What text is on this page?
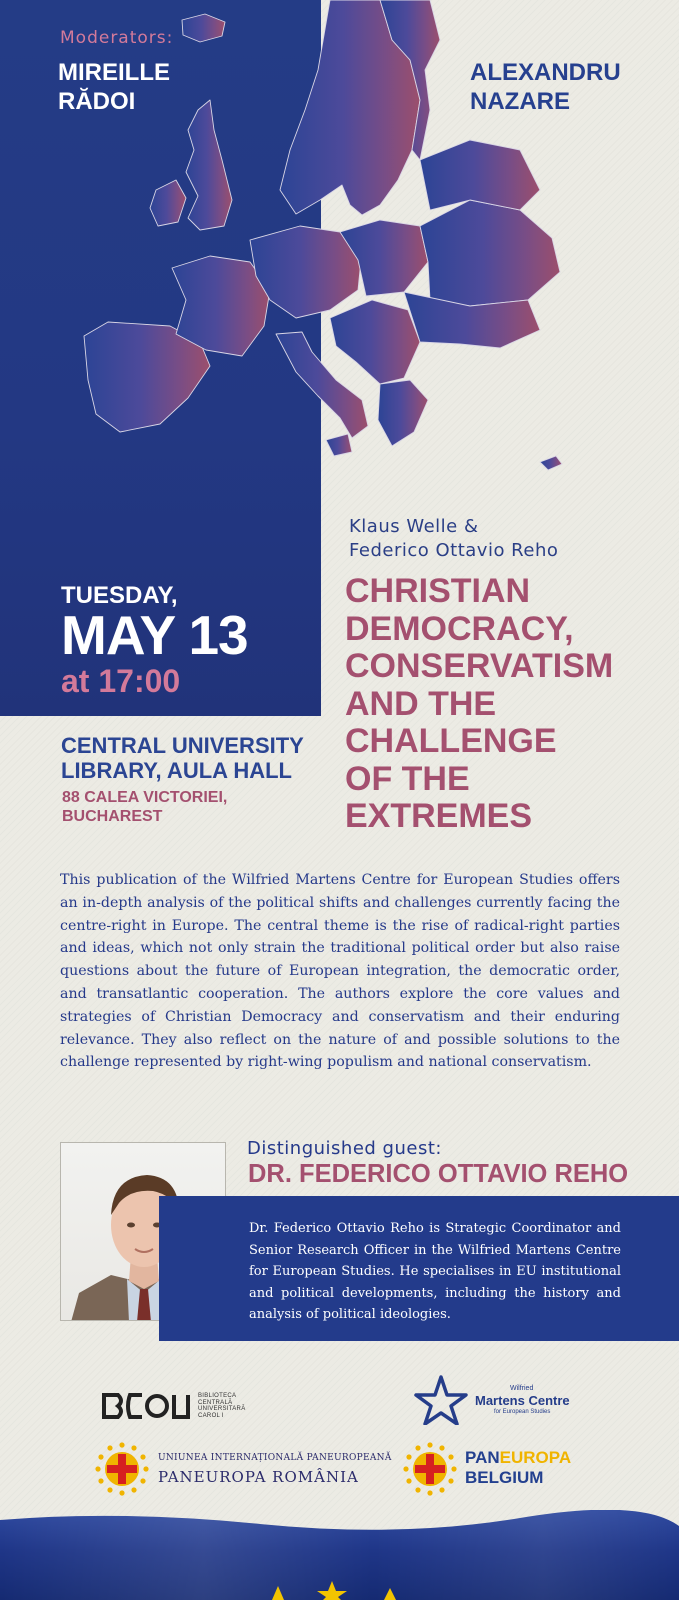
Moderators:
MIREILLE
RĂDOI
ALEXANDRU
NAZARE
Klaus Welle &
Federico Ottavio Reho
CHRISTIAN
DEMOCRACY,
CONSERVATISM
AND THE
CHALLENGE
OF THE
EXTREMES
TUESDAY,
MAY 13
at 17:00
CENTRAL UNIVERSITY
LIBRARY, AULA HALL
88 CALEA VICTORIEI,
BUCHAREST

This publication of the Wilfried Martens Centre for European Studies offers an in-depth analysis of the political shifts and challenges currently facing the centre-right in Europe. The central theme is the rise of radical-right parties and ideas, which not only strain the traditional political order but also raise questions about the future of European integration, the democratic order, and transatlantic cooperation. The authors explore the core values and strategies of Christian Democracy and conservatism and their enduring relevance. They also reflect on the nature of and possible solutions to the challenge represented by right-wing populism and national conservatism.

Distinguished guest:
DR. FEDERICO OTTAVIO REHO

Dr. Federico Ottavio Reho is Strategic Coordinator and Senior Research Officer in the Wilfried Martens Centre for European Studies. He specialises in EU institutional and political developments, including the history and analysis of political ideologies.

BIBLIOTECA
CENTRALĂ
UNIVERSITARĂ
CAROL I
Wilfried
Martens Centre
for European Studies
UNIUNEA INTERNAȚIONALĂ PANEUROPEANĂ
PANEUROPA ROMÂNIA
PANEUROPA
BELGIUM
